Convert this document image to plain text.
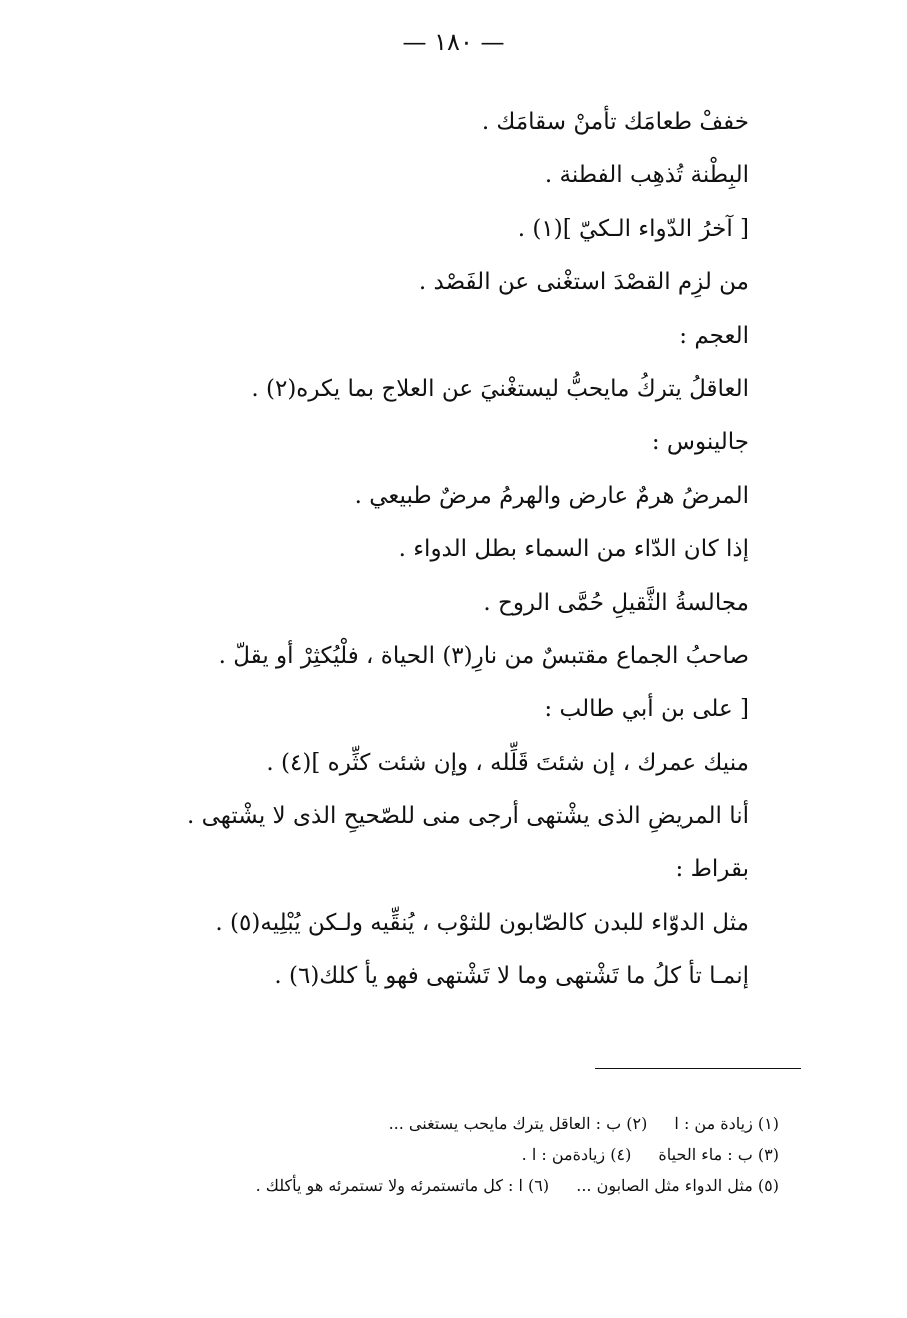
— ١٨٠ —
خففْ طعامَك تأمنْ سقامَك .
البِطْنة تُذهِب الفطنة .
[ آخرُ الدّواء الـكيّ ](١) .
من لزِم القصْدَ استغْنى عن الفَصْد .
العجم :
العاقلُ يتركُ مايحبُّ ليستغْنيَ عن العلاج بما يكره(٢) .
جالينوس :
المرضُ هرمٌ عارض والهرمُ مرضٌ طبيعي .
إذا كان الدّاء من السماء بطل الدواء .
مجالسةُ الثَّقيلِ حُمَّى الروح .
صاحبُ الجماع مقتبسٌ من نارِ(٣) الحياة ، فلْيُكثِرْ أو يقلّ .
[ على بن أبي طالب :
منيك عمرك ، إن شئتَ قَلِّله ، وإن شئت كثِّره ](٤) .
أنا المريضِ الذى يشْتهى أرجى منى للصّحيحِ الذى لا يشْتهى .
بقراط :
مثل الدوّاء للبدن كالصّابون للثوْب ، يُنقِّيه ولـكن يُبْلِيه(٥) .
إنمـا تأ كلُ ما تَشْتهى وما لا تَشْتهى فهو يأ كلك(٦) .
(١) زيادة من : ا (٢) ب : العاقل يترك مايحب يستغنى ...
(٣) ب : ماء الحياة (٤) زيادةمن : ا .
(٥) مثل الدواء مثل الصابون ... (٦) ا : كل ماتستمرئه ولا تستمرئه هو يأكلك .
